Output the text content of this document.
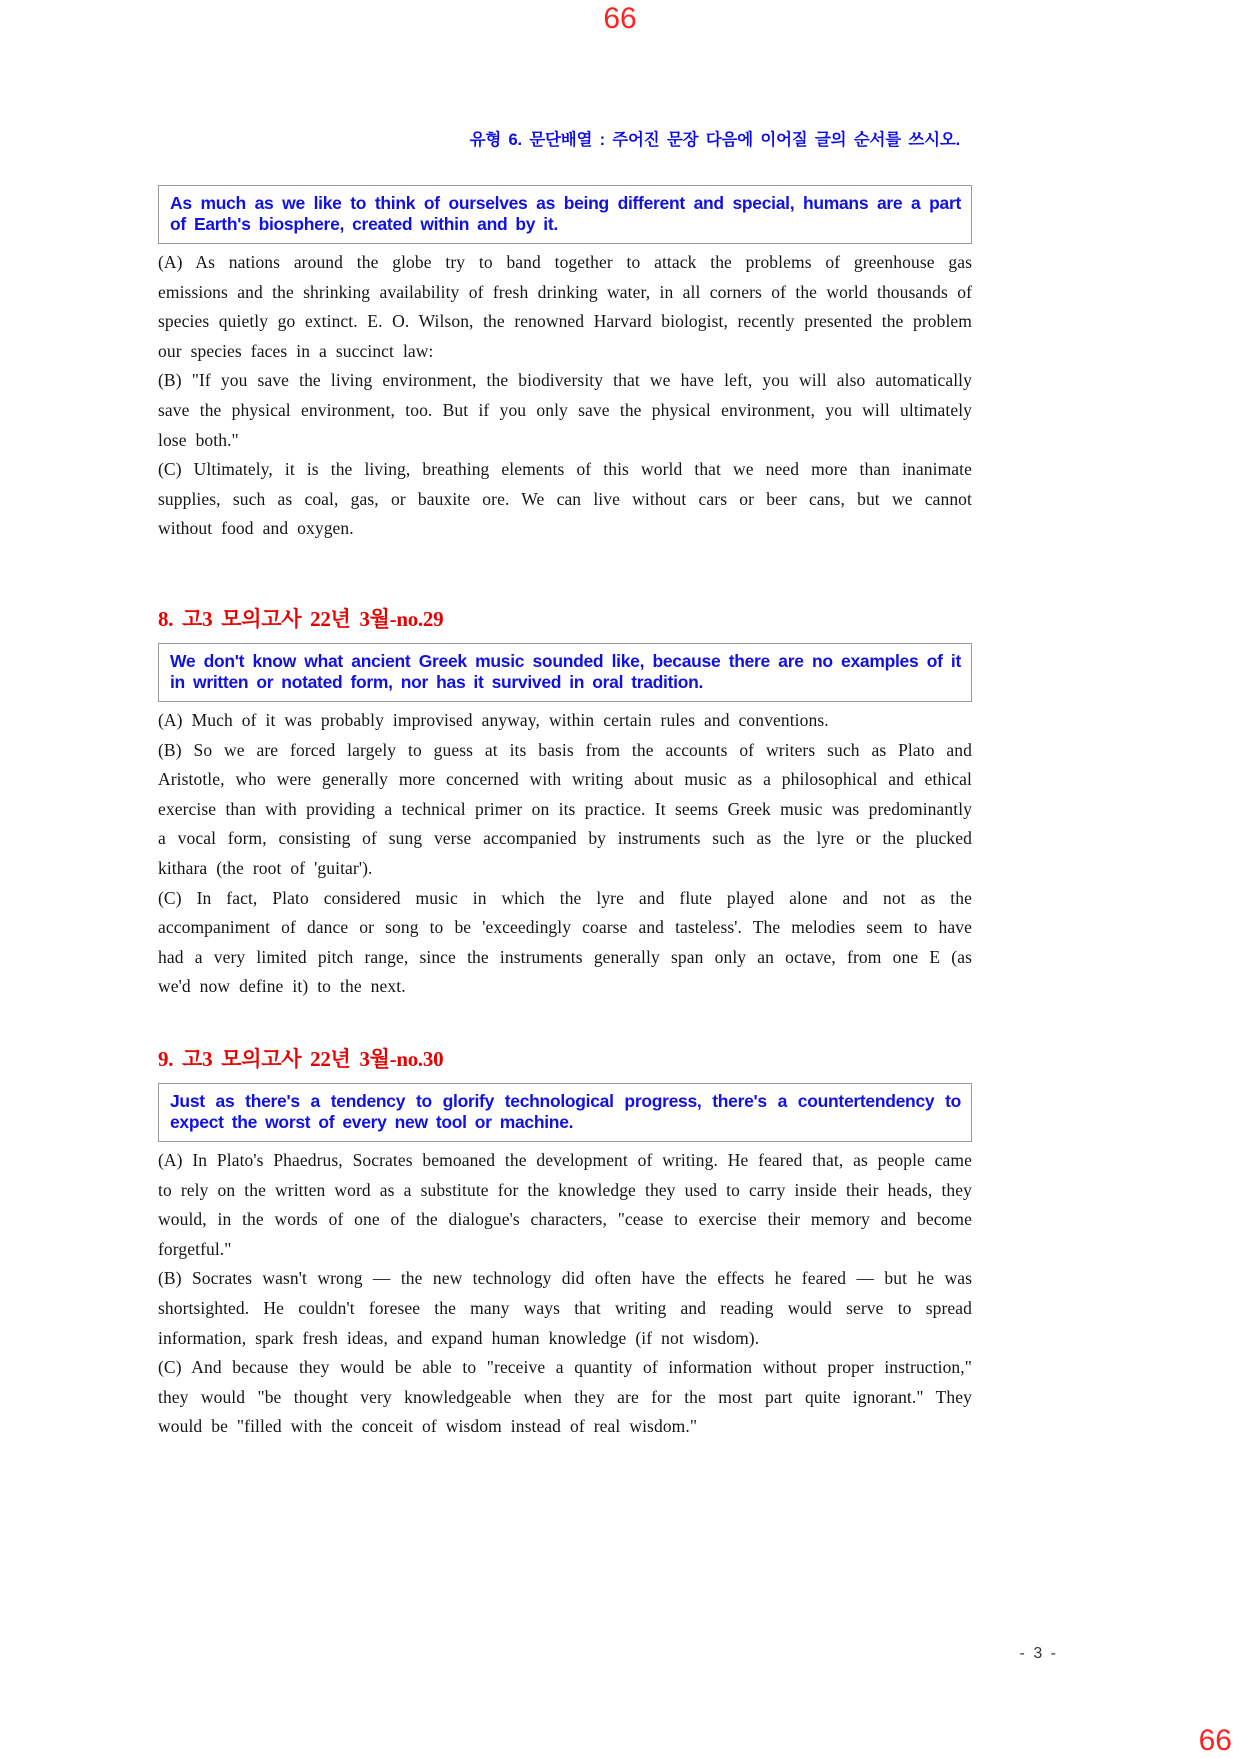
66
유형 6. 문단배열 : 주어진 문장 다음에 이어질 글의 순서를 쓰시오.

As much as we like to think of ourselves as being different and special, humans are a part of Earth's biosphere, created within and by it.

(A) As nations around the globe try to band together to attack the problems of greenhouse gas emissions and the shrinking availability of fresh drinking water, in all corners of the world thousands of species quietly go extinct. E. O. Wilson, the renowned Harvard biologist, recently presented the problem our species faces in a succinct law:

(B) "If you save the living environment, the biodiversity that we have left, you will also automatically save the physical environment, too. But if you only save the physical environment, you will ultimately lose both."

(C) Ultimately, it is the living, breathing elements of this world that we need more than inanimate supplies, such as coal, gas, or bauxite ore. We can live without cars or beer cans, but we cannot without food and oxygen.

8. 고3 모의고사 22년 3월-no.29

We don't know what ancient Greek music sounded like, because there are no examples of it in written or notated form, nor has it survived in oral tradition.

(A) Much of it was probably improvised anyway, within certain rules and conventions.

(B) So we are forced largely to guess at its basis from the accounts of writers such as Plato and Aristotle, who were generally more concerned with writing about music as a philosophical and ethical exercise than with providing a technical primer on its practice. It seems Greek music was predominantly a vocal form, consisting of sung verse accompanied by instruments such as the lyre or the plucked kithara (the root of 'guitar').

(C) In fact, Plato considered music in which the lyre and flute played alone and not as the accompaniment of dance or song to be 'exceedingly coarse and tasteless'. The melodies seem to have had a very limited pitch range, since the instruments generally span only an octave, from one E (as we'd now define it) to the next.

9. 고3 모의고사 22년 3월-no.30

Just as there's a tendency to glorify technological progress, there's a countertendency to expect the worst of every new tool or machine.

(A) In Plato's Phaedrus, Socrates bemoaned the development of writing. He feared that, as people came to rely on the written word as a substitute for the knowledge they used to carry inside their heads, they would, in the words of one of the dialogue's characters, "cease to exercise their memory and become forgetful."

(B) Socrates wasn't wrong — the new technology did often have the effects he feared — but he was shortsighted. He couldn't foresee the many ways that writing and reading would serve to spread information, spark fresh ideas, and expand human knowledge (if not wisdom).

(C) And because they would be able to "receive a quantity of information without proper instruction," they would "be thought very knowledgeable when they are for the most part quite ignorant." They would be "filled with the conceit of wisdom instead of real wisdom."

- 3 -
66
